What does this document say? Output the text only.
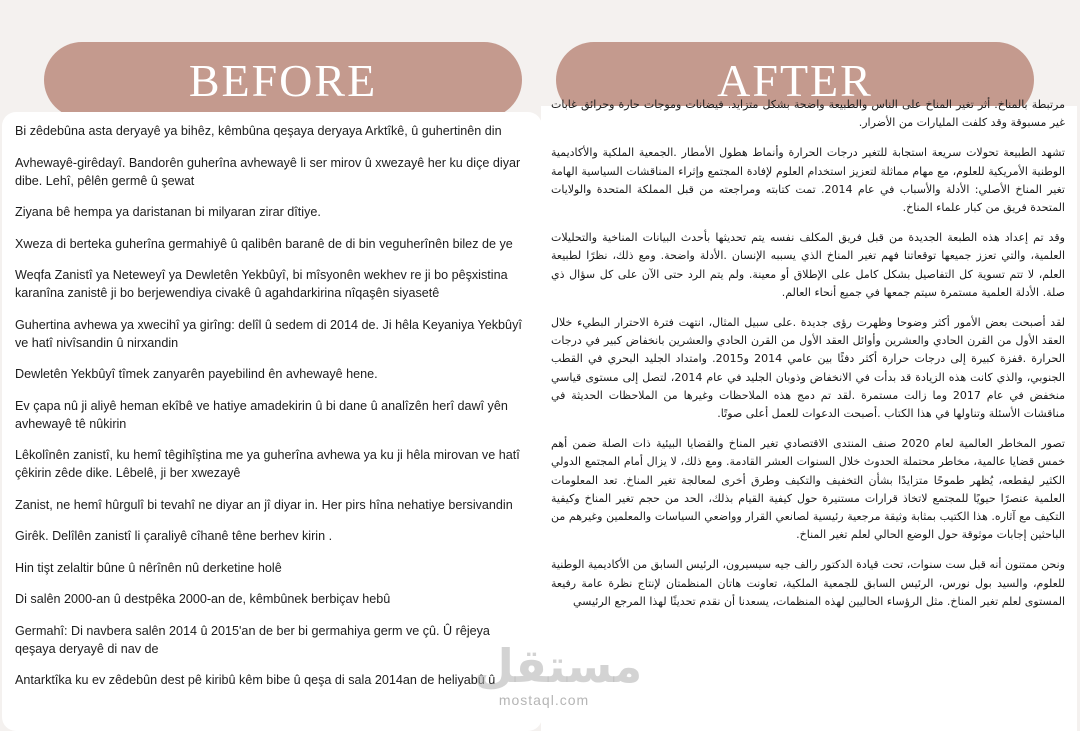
BEFORE	AFTER

Bi zêdebûna asta deryayê ya bihêz, kêmbûna qeşaya deryaya Arktîkê, û guhertinên din

Avhewayê-girêdayî. Bandorên guherîna avhewayê li ser mirov û xwezayê her ku diçe diyar dibe. Lehî, pêlên germê û şewat

Ziyana bê hempa ya daristanan bi milyaran zirar dîtiye.

Xweza di berteka guherîna germahiyê û qalibên baranê de di bin veguherînên bilez de ye

Weqfa Zanistî ya Neteweyî ya Dewletên Yekbûyî, bi mîsyonên wekhev re ji bo pêşxistina karanîna zanistê ji bo berjewendiya civakê û agahdarkirina nîqaşên siyasetê

Guhertina avhewa ya xwecihî ya girîng: delîl û sedem di 2014 de. Ji hêla Keyaniya Yekbûyî ve hatî nivîsandin û nirxandin

Dewletên Yekbûyî tîmek zanyarên payebilind ên avhewayê hene.

Ev çapa nû ji aliyê heman ekîbê ve hatiye amadekirin û bi dane û analîzên herî dawî yên avhewayê tê nûkirin

Lêkolînên zanistî, ku hemî têgihîştina me ya guherîna avhewa ya ku ji hêla mirovan ve hatî çêkirin zêde dike. Lêbelê, ji ber xwezayê

Zanist, ne hemî hûrgulî bi tevahî ne diyar an jî diyar in. Her pirs hîna nehatiye bersivandin

Girêk. Delîlên zanistî li çaraliyê cîhanê têne berhev kirin .

Hin tişt zelaltir bûne û nêrînên nû derketine holê

Di salên 2000-an û destpêka 2000-an de, kêmbûnek berbiçav hebû

Germahî: Di navbera salên 2014 û 2015'an de ber bi germahiya germ ve çû. Û rêjeya qeşaya deryayê di nav de

Antarktîka ku ev zêdebûn dest pê kiribû kêm bibe û qeşa di sala 2014an de heliyabû û

مرتبطة بالمناخ. أثر تغير المناخ على الناس والطبيعة واضحة بشكل متزايد. فيضانات وموجات حارة وحرائق غابات غير مسبوقة وقد كلفت المليارات من الأضرار.

تشهد الطبيعة تحولات سريعة استجابة للتغير درجات الحرارة وأنماط هطول الأمطار .الجمعية الملكية والأكاديمية الوطنية الأمريكية للعلوم، مع مهام مماثلة لتعزيز استخدام العلوم لإفادة المجتمع وإثراء المناقشات السياسية الهامة تغير المناخ الأصلي: الأدلة والأسباب في عام 2014. تمت كتابته ومراجعته من قبل المملكة المتحدة والولايات المتحدة فريق من كبار علماء المناخ.

وقد تم إعداد هذه الطبعة الجديدة من قبل فريق المكلف نفسه يتم تحديثها بأحدث البيانات المناخية والتحليلات العلمية، والتي تعزز جميعها توقعاتنا فهم تغير المناخ الذي يسببه الإنسان .الأدلة واضحة. ومع ذلك، نظرًا لطبيعة العلم، لا تتم تسوية كل التفاصيل بشكل كامل على الإطلاق أو معينة. ولم يتم الرد حتى الآن على كل سؤال ذي صلة. الأدلة العلمية مستمرة سيتم جمعها في جميع أنحاء العالم.

لقد أصبحت بعض الأمور أكثر وضوحا وظهرت رؤى جديدة .على سبيل المثال، انتهت فترة الاحترار البطيء خلال العقد الأول من القرن الحادي والعشرين وأوائل العقد الأول من القرن الحادي والعشرين بانخفاض كبير في درجات الحرارة .قفزة كبيرة إلى درجات حرارة أكثر دفئًا بين عامي 2014 و2015. وامتداد الجليد البحري في القطب الجنوبي، والذي كانت هذه الزيادة قد بدأت في الانخفاض وذوبان الجليد في عام 2014، لتصل إلى مستوى قياسي منخفض في عام 2017 وما زالت مستمرة .لقد تم دمج هذه الملاحظات وغيرها من الملاحظات الحديثة في مناقشات الأسئلة وتناولها في هذا الكتاب .أصبحت الدعوات للعمل أعلى صوتًا.

تصور المخاطر العالمية لعام 2020 صنف المنتدى الاقتصادي تغير المناخ والقضايا البيئية ذات الصلة ضمن أهم خمس قضايا عالمية، مخاطر محتملة الحدوث خلال السنوات العشر القادمة. ومع ذلك، لا يزال أمام المجتمع الدولي الكثير ليقطعه، يُظهر طموحًا متزايدًا بشأن التخفيف والتكيف وطرق أخرى لمعالجة تغير المناخ. تعد المعلومات العلمية عنصرًا حيويًا للمجتمع لاتخاذ قرارات مستنيرة حول كيفية القيام بذلك، الحد من حجم تغير المناخ وكيفية التكيف مع آثاره. هذا الكتيب بمثابة وثيقة مرجعية رئيسية لصانعي القرار وواضعي السياسات والمعلمين وغيرهم من الباحثين إجابات موثوقة حول الوضع الحالي لعلم تغير المناخ.

ونحن ممتنون أنه قبل ست سنوات، تحت قيادة الدكتور رالف جيه سيسيرون، الرئيس السابق من الأكاديمية الوطنية للعلوم، والسيد بول نورس، الرئيس السابق للجمعية الملكية، تعاونت هاتان المنظمتان لإنتاج نظرة عامة رفيعة المستوى لعلم تغير المناخ. مثل الرؤساء الحاليين لهذه المنظمات، يسعدنا أن نقدم تحديثًا لهذا المرجع الرئيسي

مستقل
mostaql.com
